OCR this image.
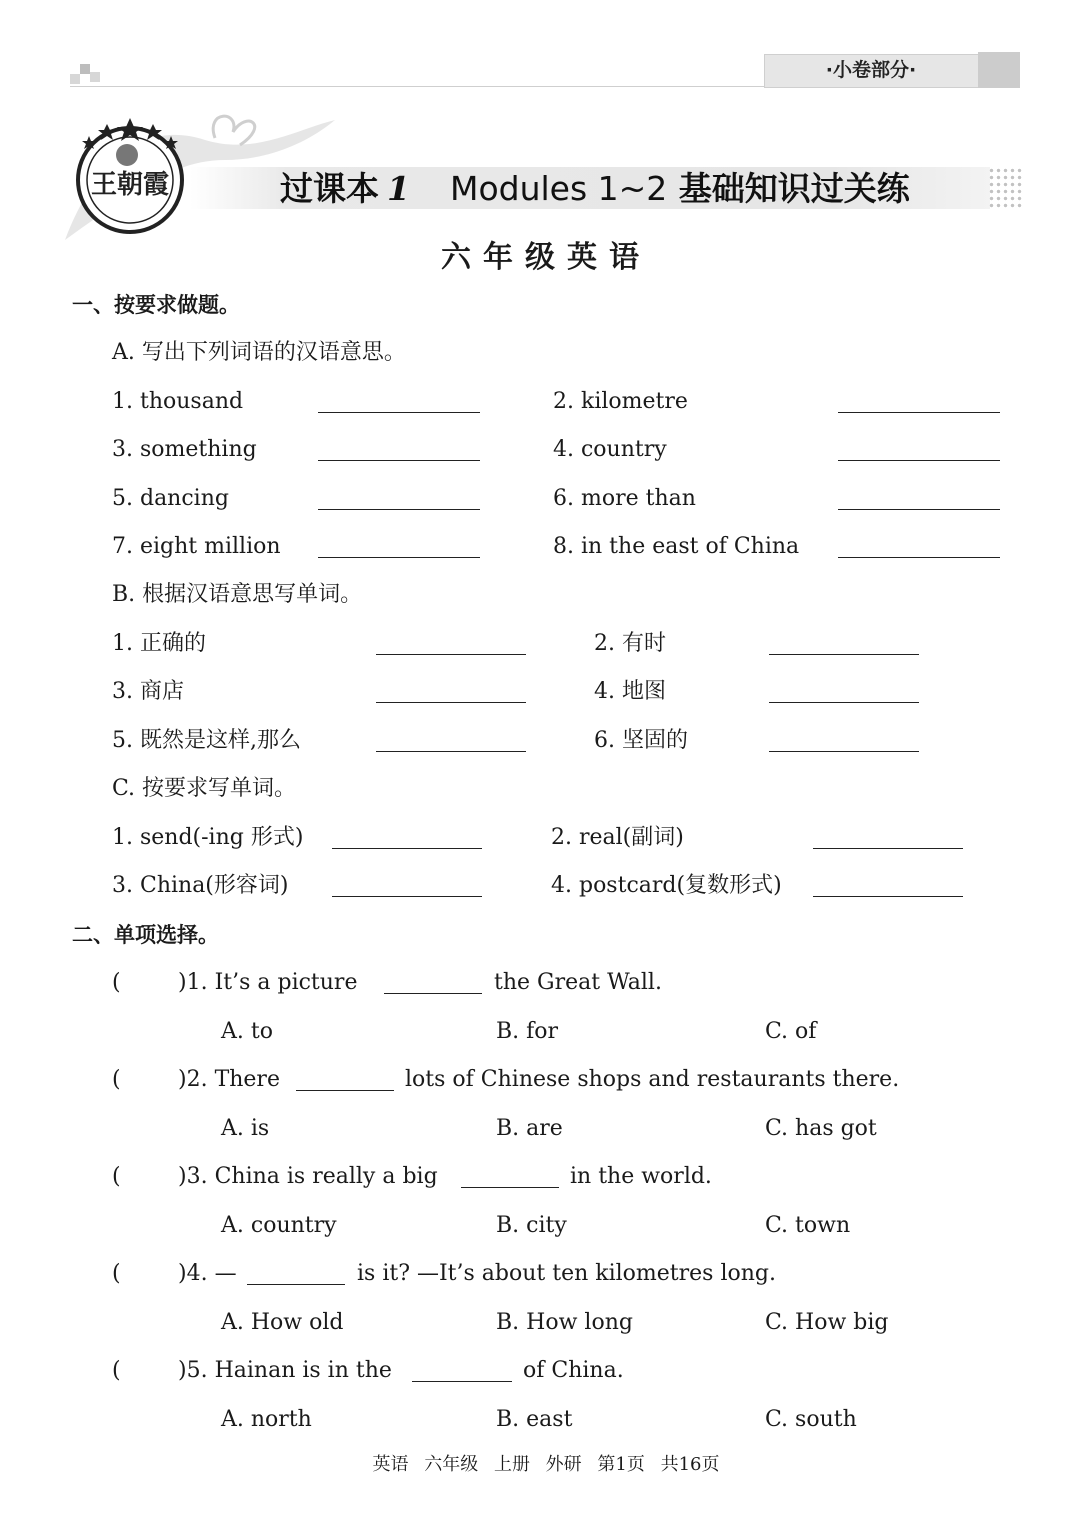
·小卷部分·
王朝霞	过课本 1 Modules 1~2 基础知识过关练
六年级英语
一、按要求做题。
A. 写出下列词语的汉语意思。
1. thousand	2. kilometre
3. something	4. country
5. dancing	6. more than
7. eight million	8. in the east of China
B. 根据汉语意思写单词。
1. 正确的	2. 有时
3. 商店	4. 地图
5. 既然是这样,那么	6. 坚固的
C. 按要求写单词。
1. send(-ing 形式)	2. real(副词)
3. China(形容词)	4. postcard(复数形式)
二、单项选择。
(	)1. It’s a picture	the Great Wall.
A. to	B. for	C. of
(	)2. There	lots of Chinese shops and restaurants there.
A. is	B. are	C. has got
(	)3. China is really a big	in the world.
A. country	B. city	C. town
(	)4. —	is it? —It’s about ten kilometres long.
A. How old	B. How long	C. How big
(	)5. Hainan is in the	of China.
A. north	B. east	C. south
英语 六年级 上册 外研 第1页 共16页
